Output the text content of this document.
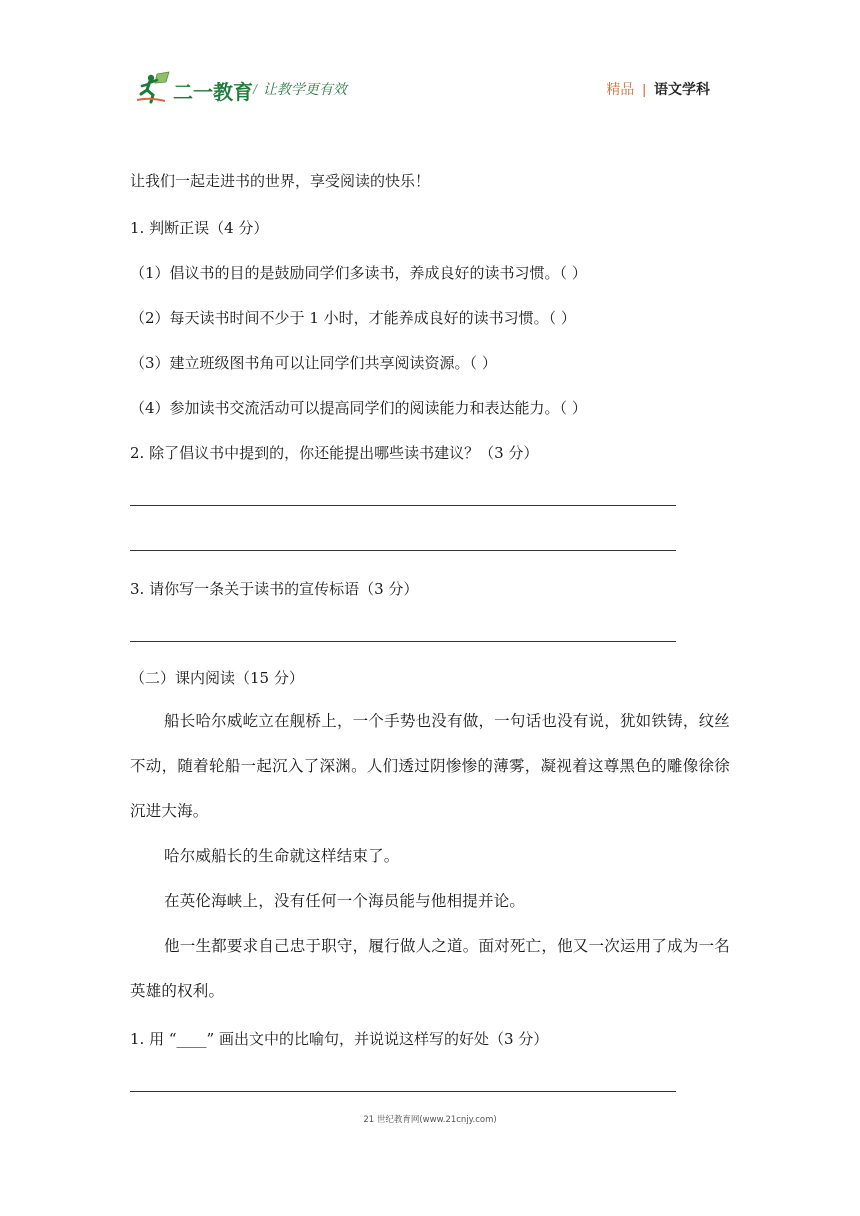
二一教育 / 让教学更有效	精品 | 语文学科
让我们一起走进书的世界，享受阅读的快乐！
1. 判断正误（4 分）
（1）倡议书的目的是鼓励同学们多读书，养成良好的读书习惯。（ ）
（2）每天读书时间不少于 1 小时，才能养成良好的读书习惯。（ ）
（3）建立班级图书角可以让同学们共享阅读资源。（ ）
（4）参加读书交流活动可以提高同学们的阅读能力和表达能力。（ ）
2. 除了倡议书中提到的，你还能提出哪些读书建议？（3 分）
3. 请你写一条关于读书的宣传标语（3 分）
（二）课内阅读（15 分）
船长哈尔威屹立在舰桥上，一个手势也没有做，一句话也没有说，犹如铁铸，纹丝不动，随着轮船一起沉入了深渊。人们透过阴惨惨的薄雾，凝视着这尊黑色的雕像徐徐沉进大海。
哈尔威船长的生命就这样结束了。
在英伦海峡上，没有任何一个海员能与他相提并论。
他一生都要求自己忠于职守，履行做人之道。面对死亡，他又一次运用了成为一名英雄的权利。
1. 用 “____” 画出文中的比喻句，并说说这样写的好处（3 分）
21 世纪教育网(www.21cnjy.com)
